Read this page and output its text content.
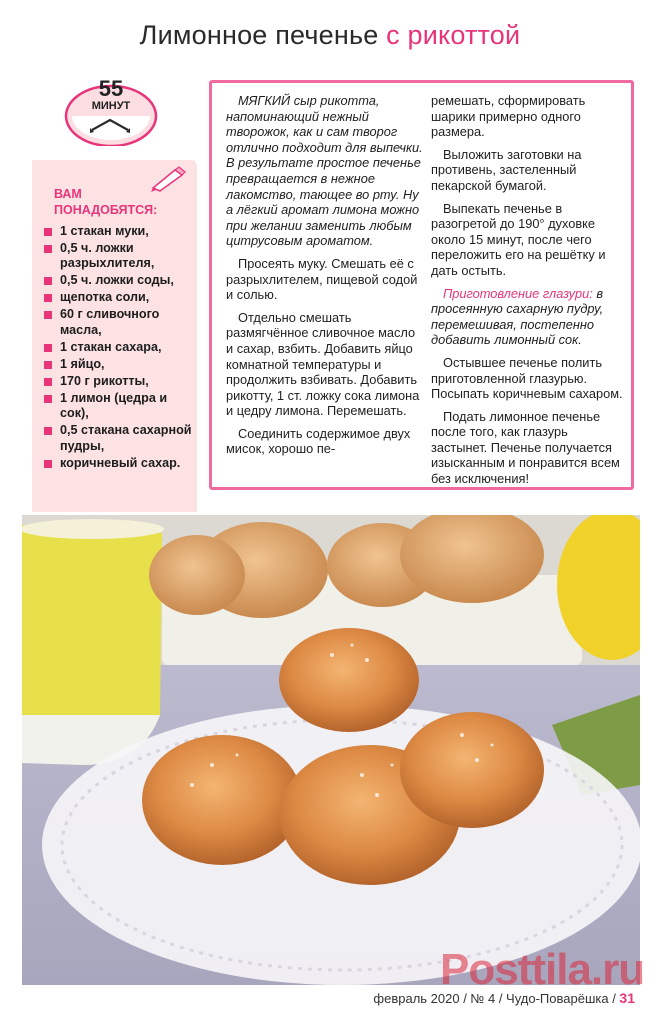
Лимонное печенье с рикоттой
55
МИНУТ
ВАМ
ПОНАДОБЯТСЯ:
1 стакан муки,
0,5 ч. ложки разрыхлителя,
0,5 ч. ложки соды,
щепотка соли,
60 г сливочного масла,
1 стакан сахара,
1 яйцо,
170 г рикотты,
1 лимон (цедра и сок),
0,5 стакана сахарной пудры,
коричневый сахар.

МЯГКИЙ сыр рикотта, напоминающий нежный творожок, как и сам творог отлично подходит для выпечки. В результате простое печенье превращается в нежное лакомство, тающее во рту. Ну а лёгкий аромат лимона можно при желании заменить любым цитрусовым ароматом.

Просеять муку. Смешать её с разрыхлителем, пищевой содой и солью.

Отдельно смешать размягчённое сливочное масло и сахар, взбить. Добавить яйцо комнатной температуры и продолжить взбивать. Добавить рикотту, 1 ст. ложку сока лимона и цедру лимона. Перемешать.

Соединить содержимое двух мисок, хорошо пе-

ремешать, сформировать шарики примерно одного размера.

Выложить заготовки на противень, застеленный пекарской бумагой.

Выпекать печенье в разогретой до 190° духовке около 15 минут, после чего переложить его на решётку и дать остыть.

Приготовление глазури: в просеянную сахарную пудру, перемешивая, постепенно добавить лимонный сок.

Остывшее печенье полить приготовленной глазурью. Посыпать коричневым сахаром.

Подать лимонное печенье после того, как глазурь застынет. Печенье получается изысканным и понравится всем без исключения!

Posttila.ru
февраль 2020 / № 4 / Чудо-Поварёшка / 31
